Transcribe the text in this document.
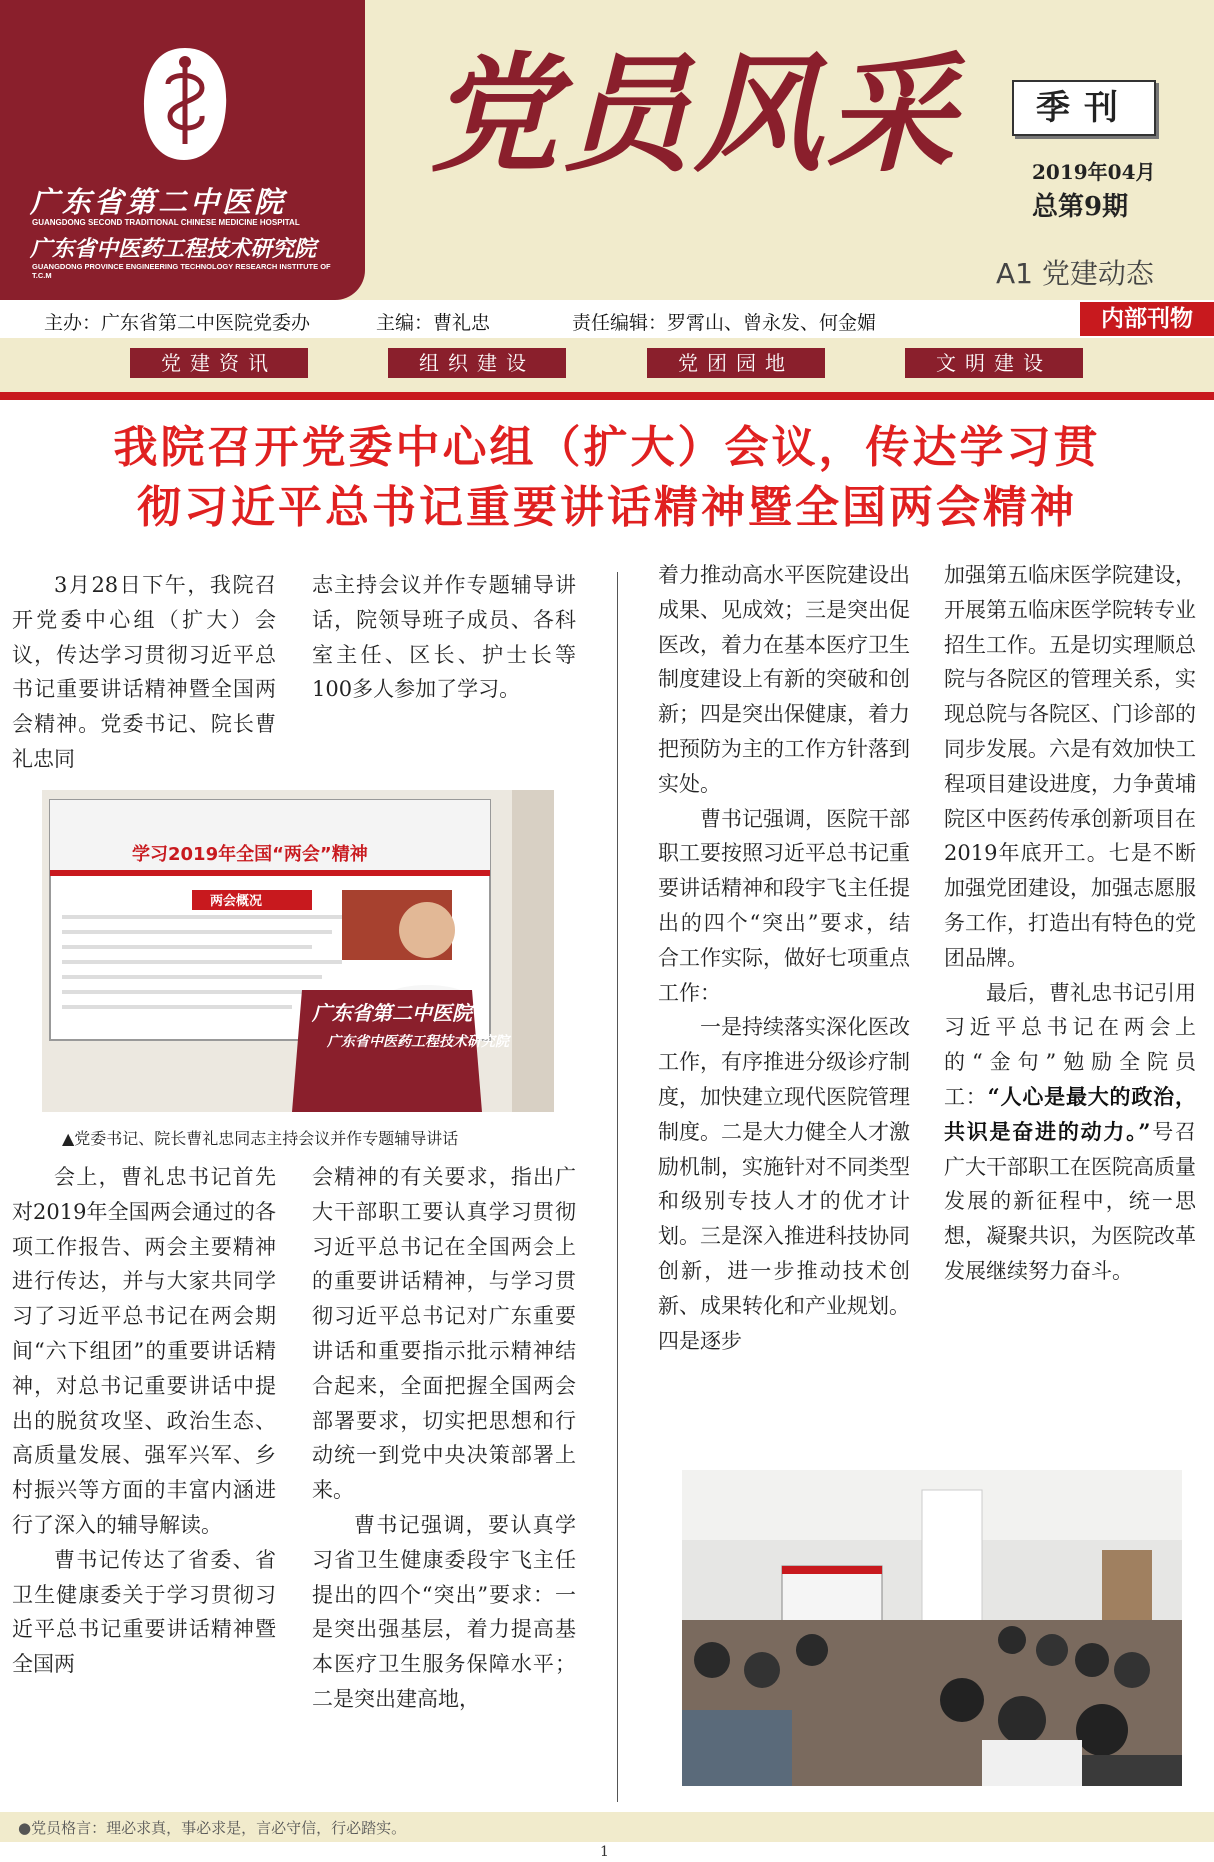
广东省第二中医院
GUANGDONG SECOND TRADITIONAL CHINESE MEDICINE HOSPITAL
广东省中医药工程技术研究院
GUANGDONG PROVINCE ENGINEERING TECHNOLOGY RESEARCH INSTITUTE OF T.C.M
党员风采	季刊
2019年04月
总第9期
A1 党建动态
主办：广东省第二中医院党委办	主编：曹礼忠	责任编辑：罗霄山、曾永发、何金媚	内部刊物
党建资讯	组织建设	党团园地	文明建设
我院召开党委中心组（扩大）会议，传达学习贯
彻习近平总书记重要讲话精神暨全国两会精神

3月28日下午，我院召开党委中心组（扩大）会议，传达学习贯彻习近平总书记重要讲话精神暨全国两会精神。党委书记、院长曹礼忠同

志主持会议并作专题辅导讲话，院领导班子成员、各科室主任、区长、护士长等100多人参加了学习。

学习2019年全国“两会”精神
两会概况
广东省第二中医院
广东省中医药工程技术研究院
▲党委书记、院长曹礼忠同志主持会议并作专题辅导讲话

会上，曹礼忠书记首先对2019年全国两会通过的各项工作报告、两会主要精神进行传达，并与大家共同学习了习近平总书记在两会期间“六下组团”的重要讲话精神，对总书记重要讲话中提出的脱贫攻坚、政治生态、高质量发展、强军兴军、乡村振兴等方面的丰富内涵进行了深入的辅导解读。

曹书记传达了省委、省卫生健康委关于学习贯彻习近平总书记重要讲话精神暨全国两

会精神的有关要求，指出广大干部职工要认真学习贯彻习近平总书记在全国两会上的重要讲话精神，与学习贯彻习近平总书记对广东重要讲话和重要指示批示精神结合起来，全面把握全国两会部署要求，切实把思想和行动统一到党中央决策部署上来。

曹书记强调，要认真学习省卫生健康委段宇飞主任提出的四个“突出”要求：一是突出强基层，着力提高基本医疗卫生服务保障水平；二是突出建高地，

着力推动高水平医院建设出成果、见成效；三是突出促医改，着力在基本医疗卫生制度建设上有新的突破和创新；四是突出保健康，着力把预防为主的工作方针落到实处。

曹书记强调，医院干部职工要按照习近平总书记重要讲话精神和段宇飞主任提出的四个“突出”要求，结合工作实际，做好七项重点工作：

一是持续落实深化医改工作，有序推进分级诊疗制度，加快建立现代医院管理制度。二是大力健全人才激励机制，实施针对不同类型和级别专技人才的优才计划。三是深入推进科技协同创新，进一步推动技术创新、成果转化和产业规划。四是逐步

加强第五临床医学院建设，开展第五临床医学院转专业招生工作。五是切实理顺总院与各院区的管理关系，实现总院与各院区、门诊部的同步发展。六是有效加快工程项目建设进度，力争黄埔院区中医药传承创新项目在2019年底开工。七是不断加强党团建设，加强志愿服务工作，打造出有特色的党团品牌。

最后，曹礼忠书记引用习近平总书记在两会上的“金句”勉励全院员工：“人心是最大的政治，共识是奋进的动力。”号召广大干部职工在医院高质量发展的新征程中，统一思想，凝聚共识，为医院改革发展继续努力奋斗。

●党员格言：理必求真，事必求是，言必守信，行必踏实。
1
